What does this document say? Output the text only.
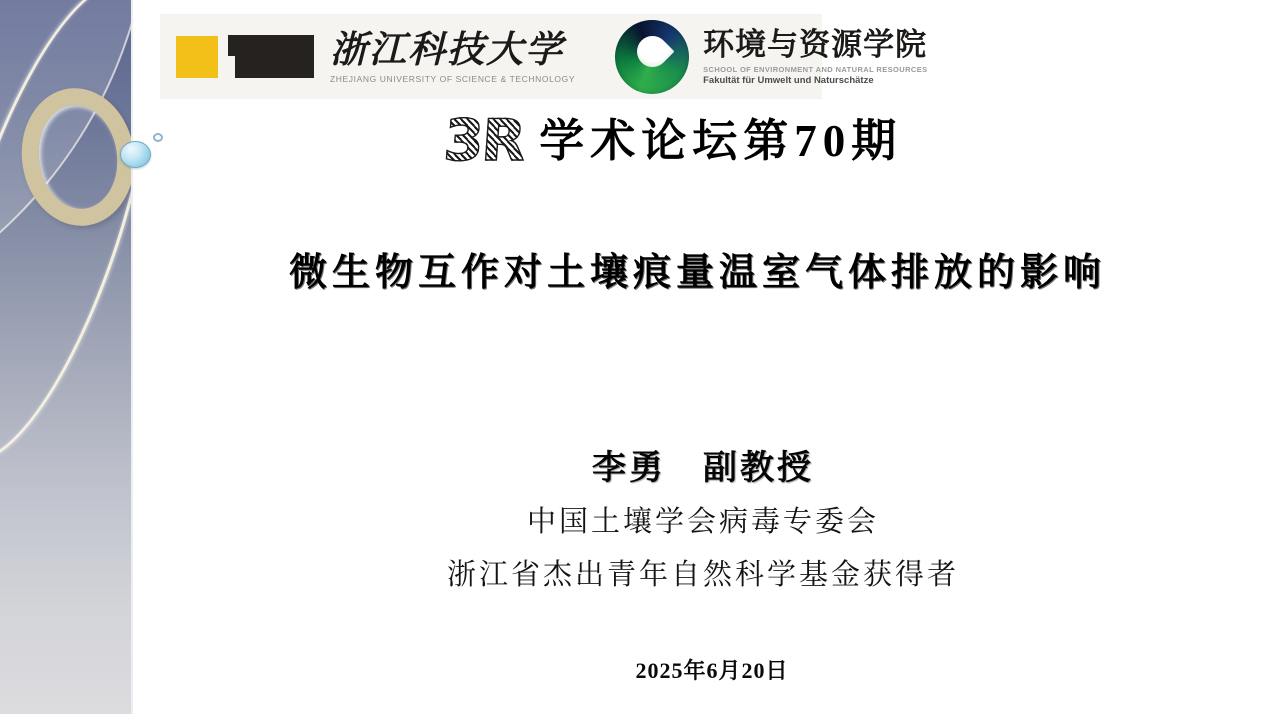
浙江科技大学
ZHEJIANG UNIVERSITY OF SCIENCE & TECHNOLOGY
环境与资源学院
SCHOOL OF ENVIRONMENT AND NATURAL RESOURCES
Fakultät für Umwelt und Naturschätze
3R 学术论坛第70期
微生物互作对土壤痕量温室气体排放的影响
李勇　副教授
中国土壤学会病毒专委会
浙江省杰出青年自然科学基金获得者
2025年6月20日
